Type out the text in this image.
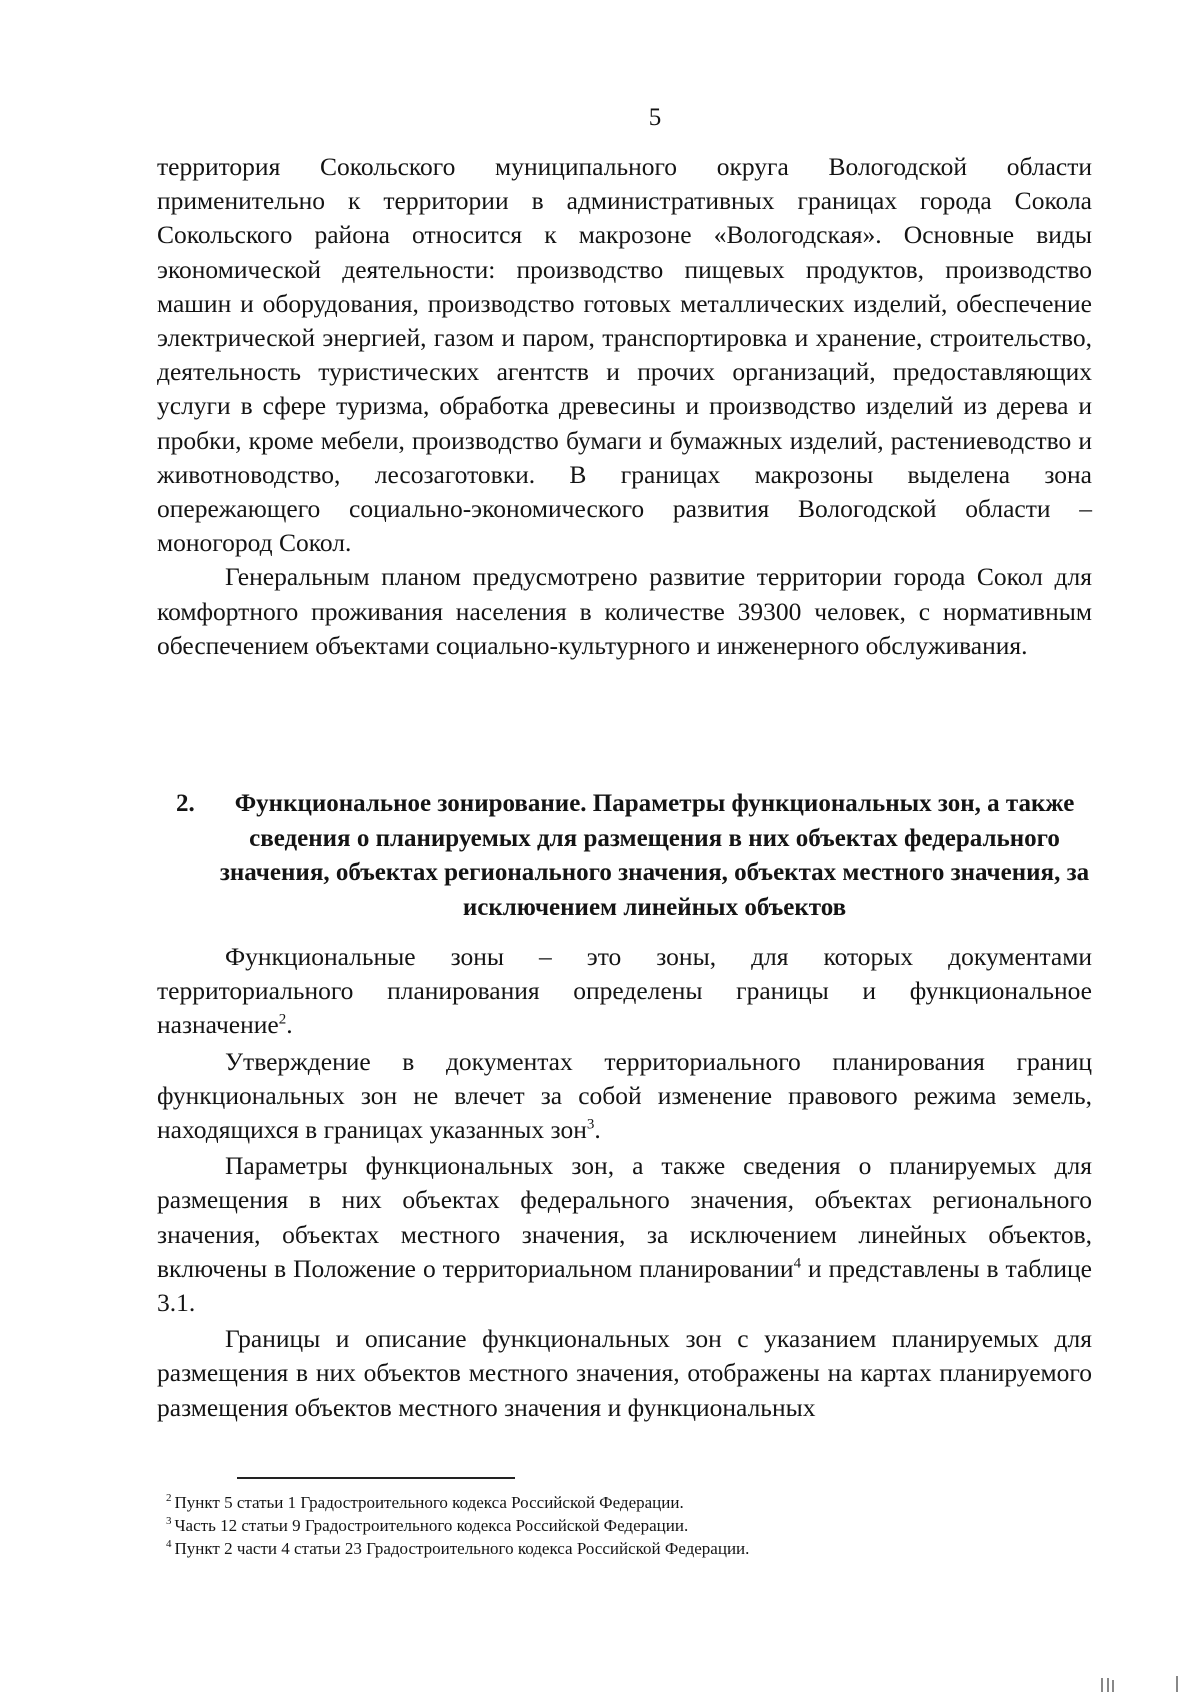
5

территория Сокольского муниципального округа Вологодской области применительно к территории в административных границах города Сокола Сокольского района относится к макрозоне «Вологодская». Основные виды экономической деятельности: производство пищевых продуктов, производство машин и оборудования, производство готовых металлических изделий, обеспечение электрической энергией, газом и паром, транспортировка и хранение, строительство, деятельность туристических агентств и прочих организаций, предоставляющих услуги в сфере туризма, обработка древесины и производство изделий из дерева и пробки, кроме мебели, производство бумаги и бумажных изделий, растениеводство и животноводство, лесозаготовки. В границах макрозоны выделена зона опережающего социально-экономического развития Вологодской области – моногород Сокол.

Генеральным планом предусмотрено развитие территории города Сокол для комфортного проживания населения в количестве 39300 человек, с нормативным обеспечением объектами социально-культурного и инженерного обслуживания.

2.	Функциональное зонирование. Параметры функциональных зон, а также сведения о планируемых для размещения в них объектах федерального значения, объектах регионального значения, объектах местного значения, за исключением линейных объектов

Функциональные зоны – это зоны, для которых документами территориального планирования определены границы и функциональное назначение$^2$.

Утверждение в документах территориального планирования границ функциональных зон не влечет за собой изменение правового режима земель, находящихся в границах указанных зон$^3$.

Параметры функциональных зон, а также сведения о планируемых для размещения в них объектах федерального значения, объектах регионального значения, объектах местного значения, за исключением линейных объектов, включены в Положение о территориальном планировании$^4$ и представлены в таблице 3.1.

Границы и описание функциональных зон с указанием планируемых для размещения в них объектов местного значения, отображены на картах планируемого размещения объектов местного значения и функциональных

$^2$ Пункт 5 статьи 1 Градостроительного кодекса Российской Федерации.
$^3$ Часть 12 статьи 9 Градостроительного кодекса Российской Федерации.
$^4$ Пункт 2 части 4 статьи 23 Градостроительного кодекса Российской Федерации.
